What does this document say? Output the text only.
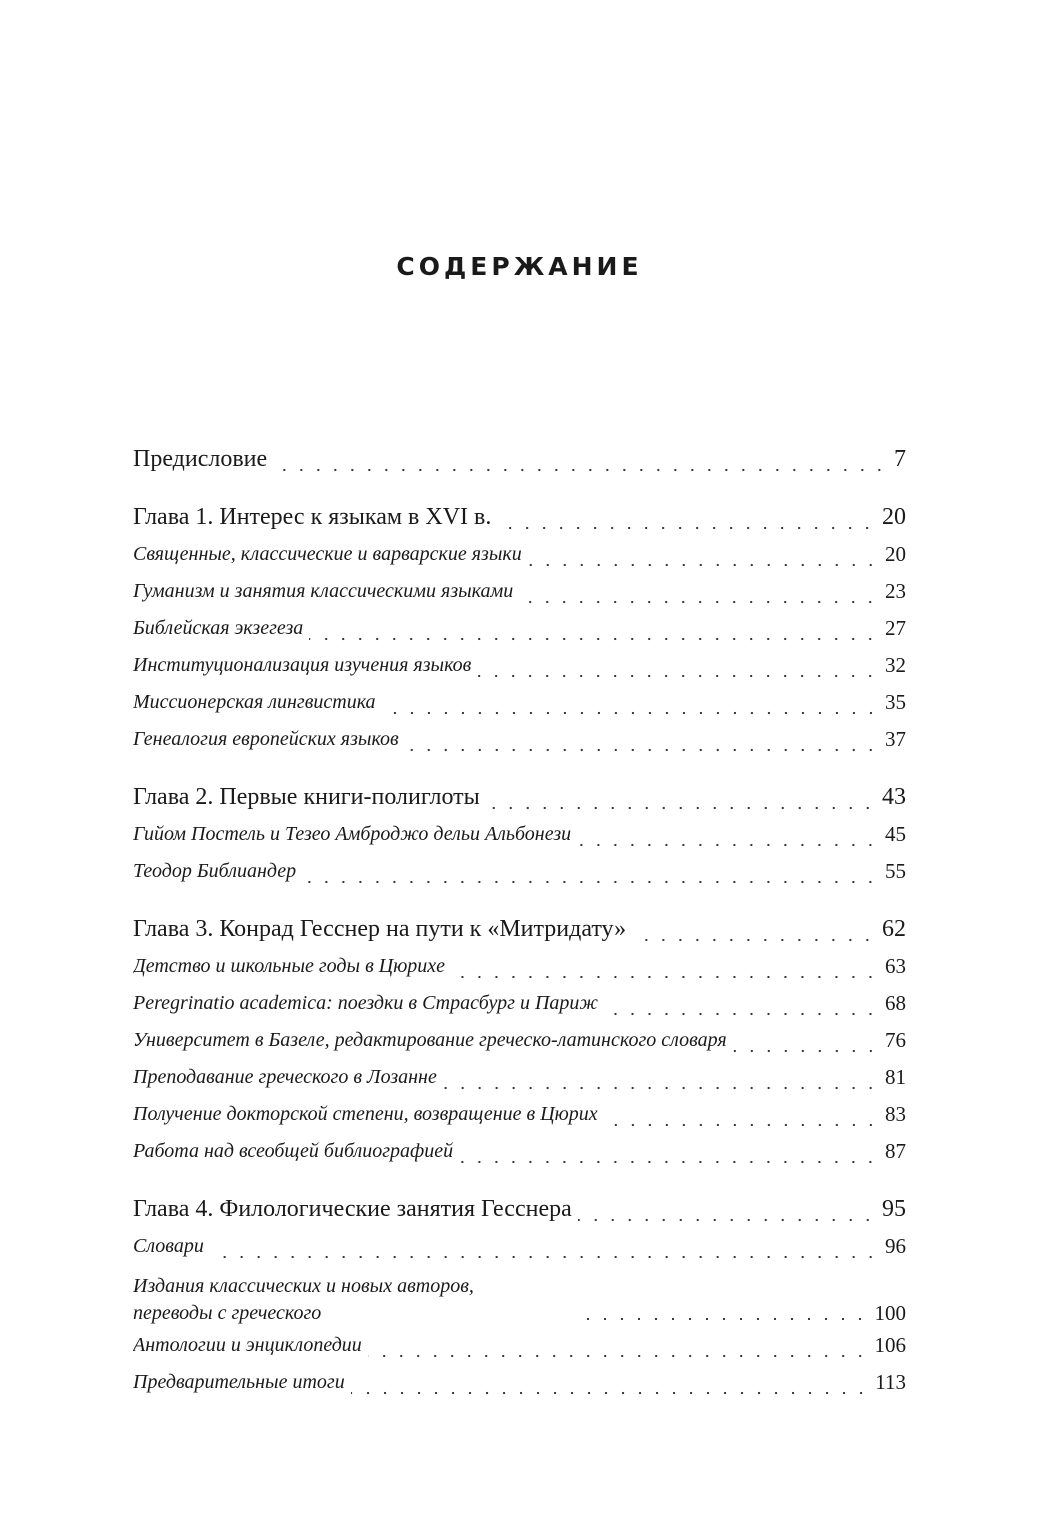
СОДЕРЖАНИЕ
Предисловие	7
Глава 1. Интерес к языкам в XVI в.	20
Священные, классические и варварские языки	20
Гуманизм и занятия классическими языками	23
Библейская экзегеза	27
Институционализация изучения языков	32
Миссионерская лингвистика	35
Генеалогия европейских языков	37
Глава 2. Первые книги-полиглоты	43
Гийом Постель и Тезео Амброджо дельи Альбонези	45
Теодор Библиандер	55
Глава 3. Конрад Гесснер на пути к «Митридату»	62
Детство и школьные годы в Цюрихе	63
Peregrinatio academica: поездки в Страсбург и Париж	68
Университет в Базеле, редактирование греческо-латинского словаря	76
Преподавание греческого в Лозанне	81
Получение докторской степени, возвращение в Цюрих	83
Работа над всеобщей библиографией	87
Глава 4. Филологические занятия Гесснера	95
Словари	96
Издания классических и новых авторов,
переводы с греческого	100
Антологии и энциклопедии	106
Предварительные итоги	113
